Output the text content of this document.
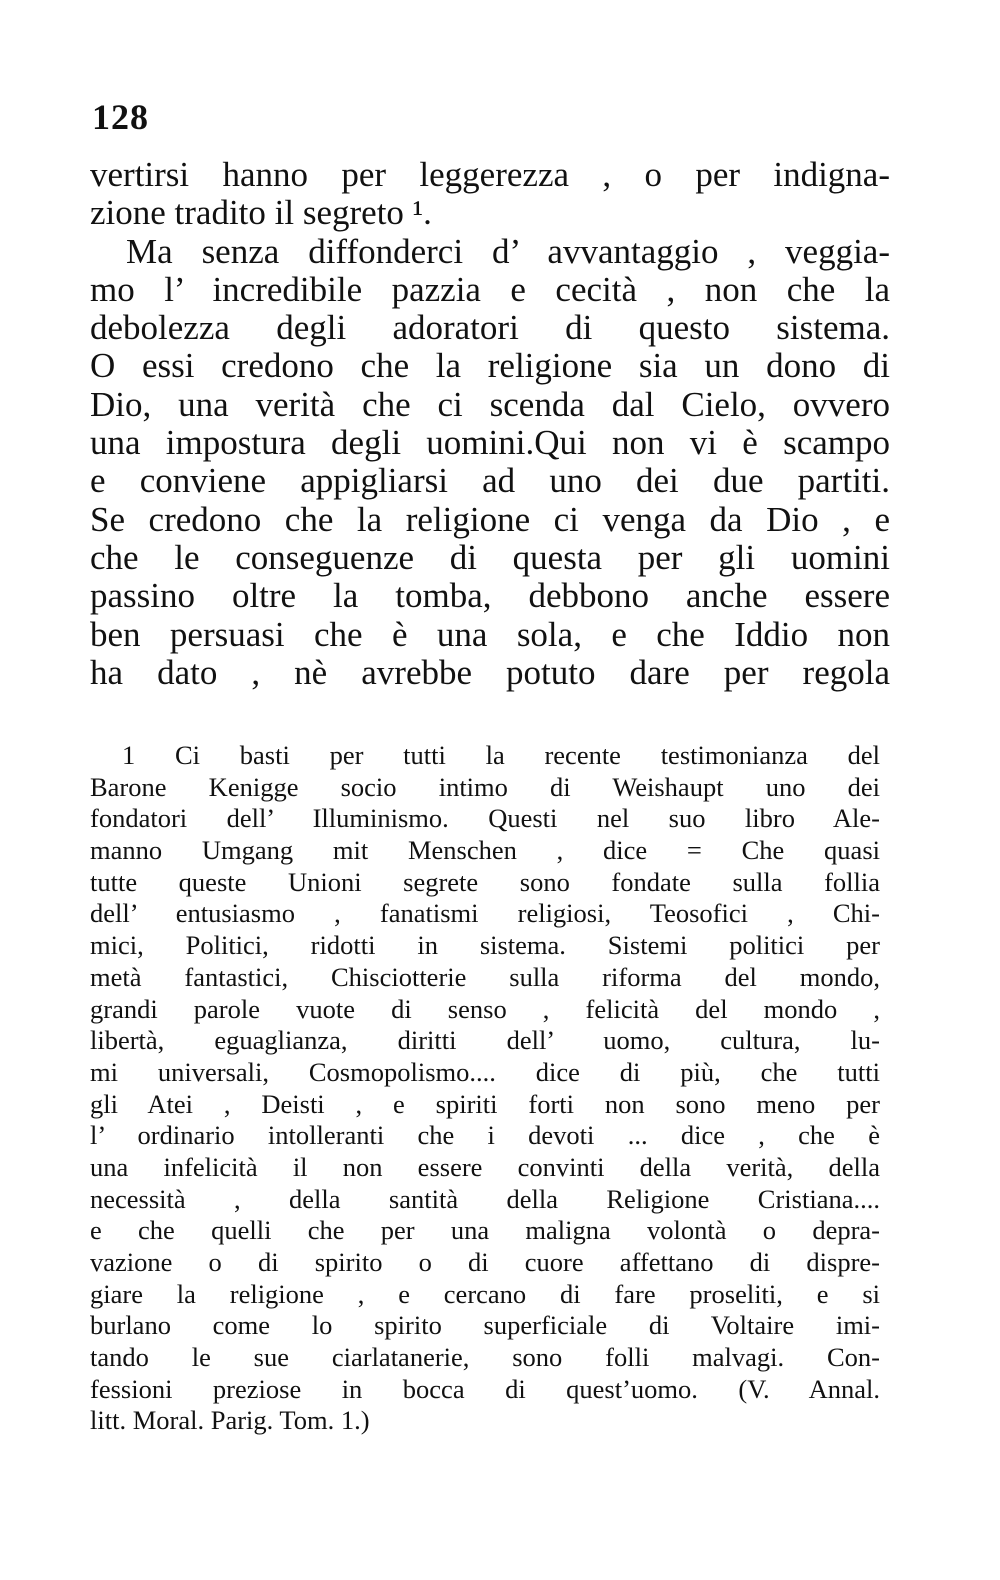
128
vertirsi hanno per leggerezza , o per indigna-
zione tradito il segreto ¹.
Ma senza diffonderci d’ avvantaggio , veggia-
mo l’ incredibile pazzia e cecità , non che la
debolezza degli adoratori di questo sistema.
O essi credono che la religione sia un dono di
Dio, una verità che ci scenda dal Cielo, ovvero
una impostura degli uomini.Qui non vi è scampo
e conviene appigliarsi ad uno dei due partiti.
Se credono che la religione ci venga da Dio , e
che le conseguenze di questa per gli uomini
passino oltre la tomba, debbono anche essere
ben persuasi che è una sola, e che Iddio non
ha dato , nè avrebbe potuto dare per regola
1 Ci basti per tutti la recente testimonianza del
Barone Kenigge socio intimo di Weishaupt uno dei
fondatori dell’ Illuminismo. Questi nel suo libro Ale-
manno Umgang mit Menschen , dice = Che quasi
tutte queste Unioni segrete sono fondate sulla follia
dell’ entusiasmo , fanatismi religiosi, Teosofici , Chi-
mici, Politici, ridotti in sistema. Sistemi politici per
metà fantastici, Chisciotterie sulla riforma del mondo,
grandi parole vuote di senso , felicità del mondo ,
libertà, eguaglianza, diritti dell’ uomo, cultura, lu-
mi universali, Cosmopolismo.... dice di più, che tutti
gli Atei , Deisti , e spiriti forti non sono meno per
l’ ordinario intolleranti che i devoti ... dice , che è
una infelicità il non essere convinti della verità, della
necessità , della santità della Religione Cristiana....
e che quelli che per una maligna volontà o depra-
vazione o di spirito o di cuore affettano di dispre-
giare la religione , e cercano di fare proseliti, e si
burlano come lo spirito superficiale di Voltaire imi-
tando le sue ciarlatanerie, sono folli malvagi. Con-
fessioni preziose in bocca di quest’uomo. (V. Annal.
litt. Moral. Parig. Tom. 1.)
